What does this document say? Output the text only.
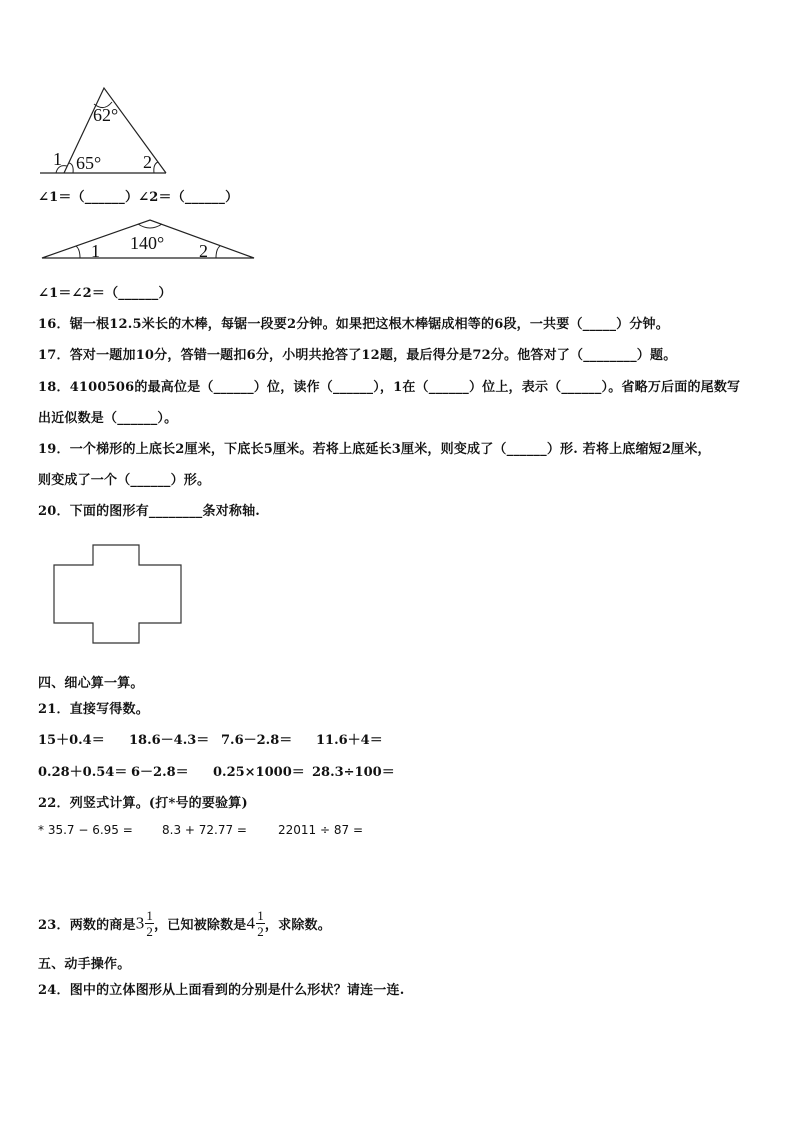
62°
1 65° 2
∠1＝（______）∠2＝（______）
1 140° 2
∠1＝∠2＝（______）
16．锯一根12.5米长的木棒，每锯一段要2分钟。如果把这根木棒锯成相等的6段，一共要（_____）分钟。
17．答对一题加10分，答错一题扣6分，小明共抢答了12题，最后得分是72分。他答对了（________）题。
18．4100506的最高位是（______）位，读作（______），1在（______）位上，表示（______）。省略万后面的尾数写
出近似数是（______）。
19．一个梯形的上底长2厘米，下底长5厘米。若将上底延长3厘米，则变成了（______）形. 若将上底缩短2厘米，
则变成了一个（______）形。
20．下面的图形有________条对称轴.
四、细心算一算。
21．直接写得数。
15＋0.4＝ 18.6－4.3＝ 7.6－2.8＝ 11.6＋4＝
0.28＋0.54＝ 6－2.8＝ 0.25×1000＝ 28.3÷100＝
22．列竖式计算。(打*号的要验算)
* 35.7 − 6.95 = 8.3 + 72.77 =	22011 ÷ 87 =
23．两数的商是$3 \frac{1}{2}$ ，已知被除数是$4 \frac{1}{2}$ ，求除数。
五、动手操作。
24．图中的立体图形从上面看到的分别是什么形状？请连一连.
